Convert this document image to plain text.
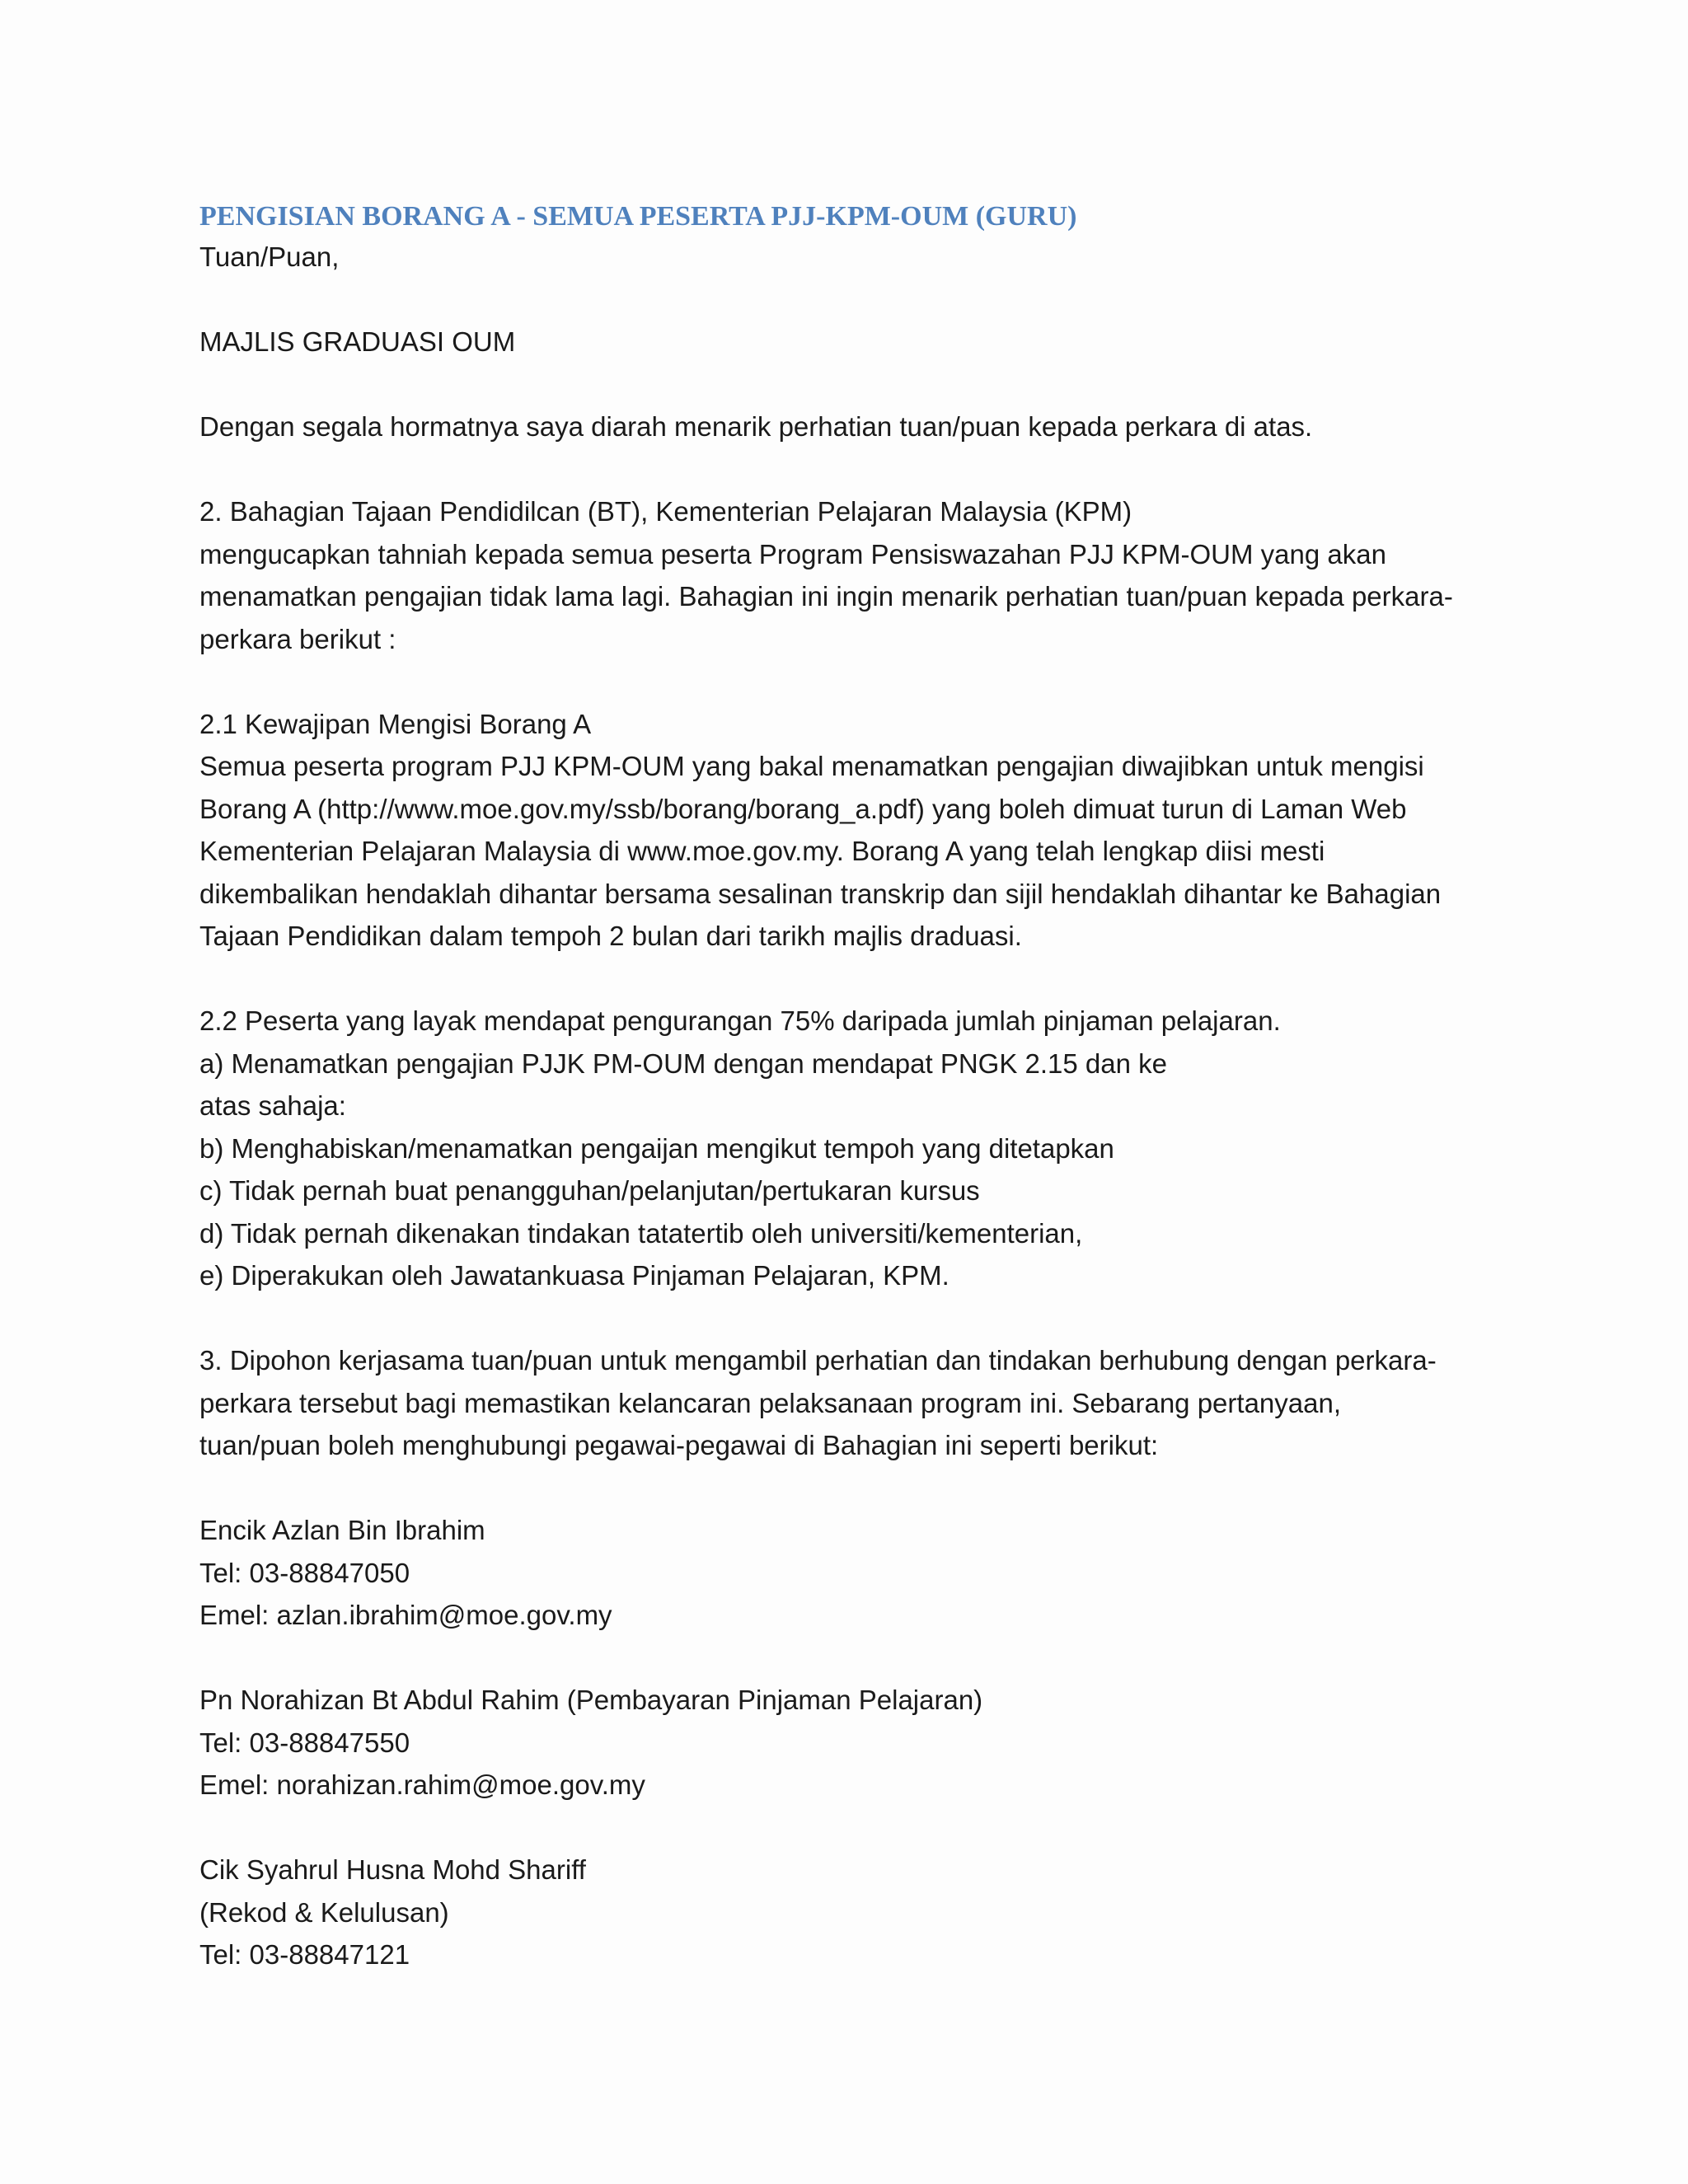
PENGISIAN BORANG A - SEMUA PESERTA PJJ-KPM-OUM (GURU)

Tuan/Puan,

MAJLIS GRADUASI OUM

Dengan segala hormatnya saya diarah menarik perhatian tuan/puan kepada perkara di atas.

2. Bahagian Tajaan Pendidilcan (BT), Kementerian Pelajaran Malaysia (KPM)

mengucapkan tahniah kepada semua peserta Program Pensiswazahan PJJ KPM-OUM yang akan

menamatkan pengajian tidak lama lagi. Bahagian ini ingin menarik perhatian tuan/puan kepada perkara-

perkara berikut :

2.1 Kewajipan Mengisi Borang A

Semua peserta program PJJ KPM-OUM yang bakal menamatkan pengajian diwajibkan untuk mengisi

Borang A (http://www.moe.gov.my/ssb/borang/borang_a.pdf) yang boleh dimuat turun di Laman Web

Kementerian Pelajaran Malaysia di www.moe.gov.my. Borang A yang telah lengkap diisi mesti

dikembalikan hendaklah dihantar bersama sesalinan transkrip dan sijil hendaklah dihantar ke Bahagian

Tajaan Pendidikan dalam tempoh 2 bulan dari tarikh majlis draduasi.

2.2 Peserta yang layak mendapat pengurangan 75% daripada jumlah pinjaman pelajaran.

a) Menamatkan pengajian PJJK PM-OUM dengan mendapat PNGK 2.15 dan ke

atas sahaja:

b) Menghabiskan/menamatkan pengaijan mengikut tempoh yang ditetapkan

c) Tidak pernah buat penangguhan/pelanjutan/pertukaran kursus

d) Tidak pernah dikenakan tindakan tatatertib oleh universiti/kementerian,

e) Diperakukan oleh Jawatankuasa Pinjaman Pelajaran, KPM.

3. Dipohon kerjasama tuan/puan untuk mengambil perhatian dan tindakan berhubung dengan perkara-

perkara tersebut bagi memastikan kelancaran pelaksanaan program ini. Sebarang pertanyaan,

tuan/puan boleh menghubungi pegawai-pegawai di Bahagian ini seperti berikut:

Encik Azlan Bin Ibrahim

Tel: 03-88847050

Emel: azlan.ibrahim@moe.gov.my

Pn Norahizan Bt Abdul Rahim (Pembayaran Pinjaman Pelajaran)

Tel: 03-88847550

Emel: norahizan.rahim@moe.gov.my

Cik Syahrul Husna Mohd Shariff

(Rekod & Kelulusan)

Tel: 03-88847121
